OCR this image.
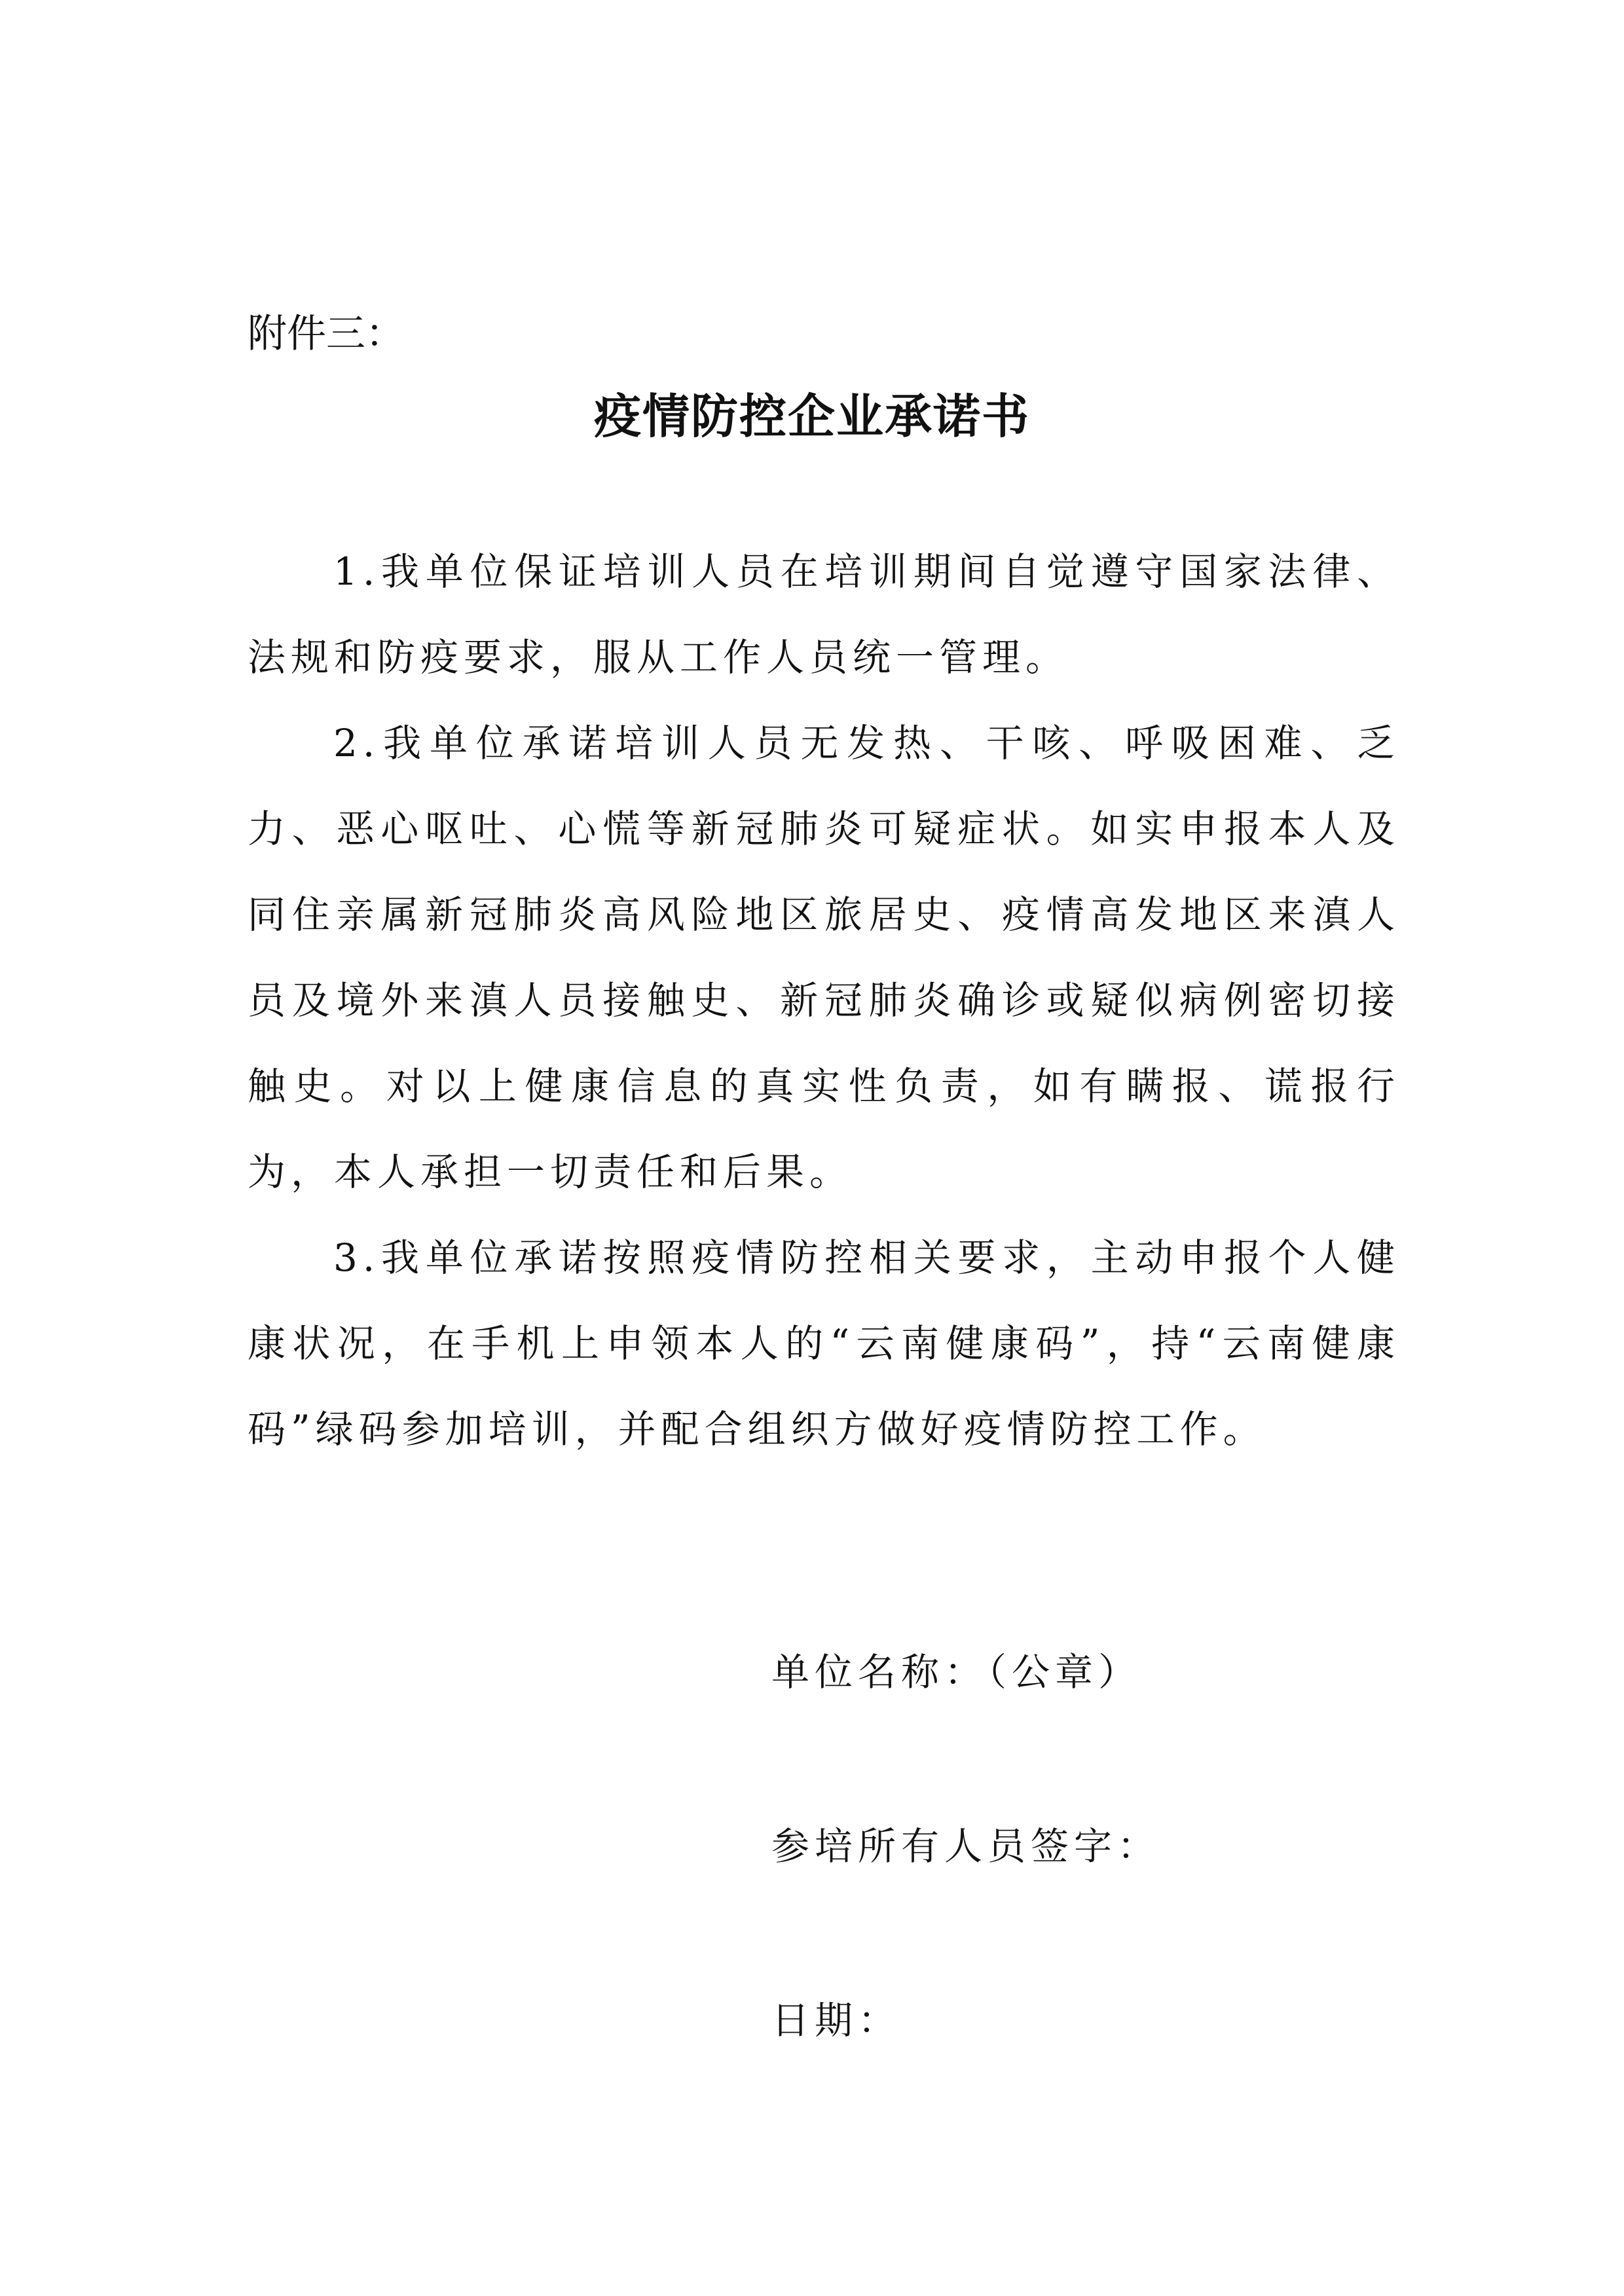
附件三：
疫情防控企业承诺书
1.我单位保证培训人员在培训期间自觉遵守国家法律、法规和防疫要求，服从工作人员统一管理。
2.我单位承诺培训人员无发热、干咳、呼吸困难、乏力、恶心呕吐、心慌等新冠肺炎可疑症状。如实申报本人及同住亲属新冠肺炎高风险地区旅居史、疫情高发地区来滇人员及境外来滇人员接触史、新冠肺炎确诊或疑似病例密切接触史。对以上健康信息的真实性负责，如有瞒报、谎报行为，本人承担一切责任和后果。
3.我单位承诺按照疫情防控相关要求，主动申报个人健康状况，在手机上申领本人的“云南健康码”，持“云南健康码”绿码参加培训，并配合组织方做好疫情防控工作。
单位名称：（公章）
参培所有人员签字：
日期：
